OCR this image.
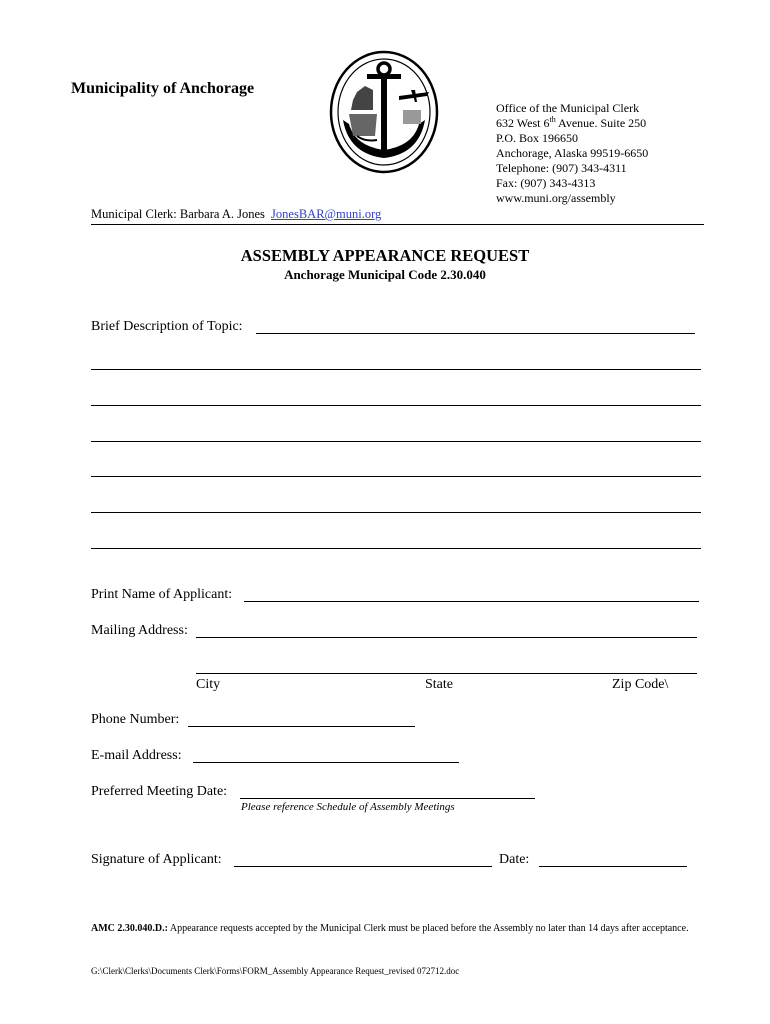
Municipality of Anchorage
Office of the Municipal Clerk
632 West 6th Avenue. Suite 250
P.O. Box 196650
Anchorage, Alaska 99519-6650
Telephone: (907) 343-4311
Fax: (907) 343-4313
www.muni.org/assembly
Municipal Clerk: Barbara A. Jones JonesBAR@muni.org
ASSEMBLY APPEARANCE REQUEST
Anchorage Municipal Code 2.30.040
Brief Description of Topic:
Print Name of Applicant:
Mailing Address:
City	State	Zip Code\
Phone Number:
E-mail Address:
Preferred Meeting Date:
Please reference Schedule of Assembly Meetings
Signature of Applicant:	Date:
AMC 2.30.040.D.: Appearance requests accepted by the Municipal Clerk must be placed before the Assembly no later than 14 days after acceptance.
G:\Clerk\Clerks\Documents Clerk\Forms\FORM_Assembly Appearance Request_revised 072712.doc
